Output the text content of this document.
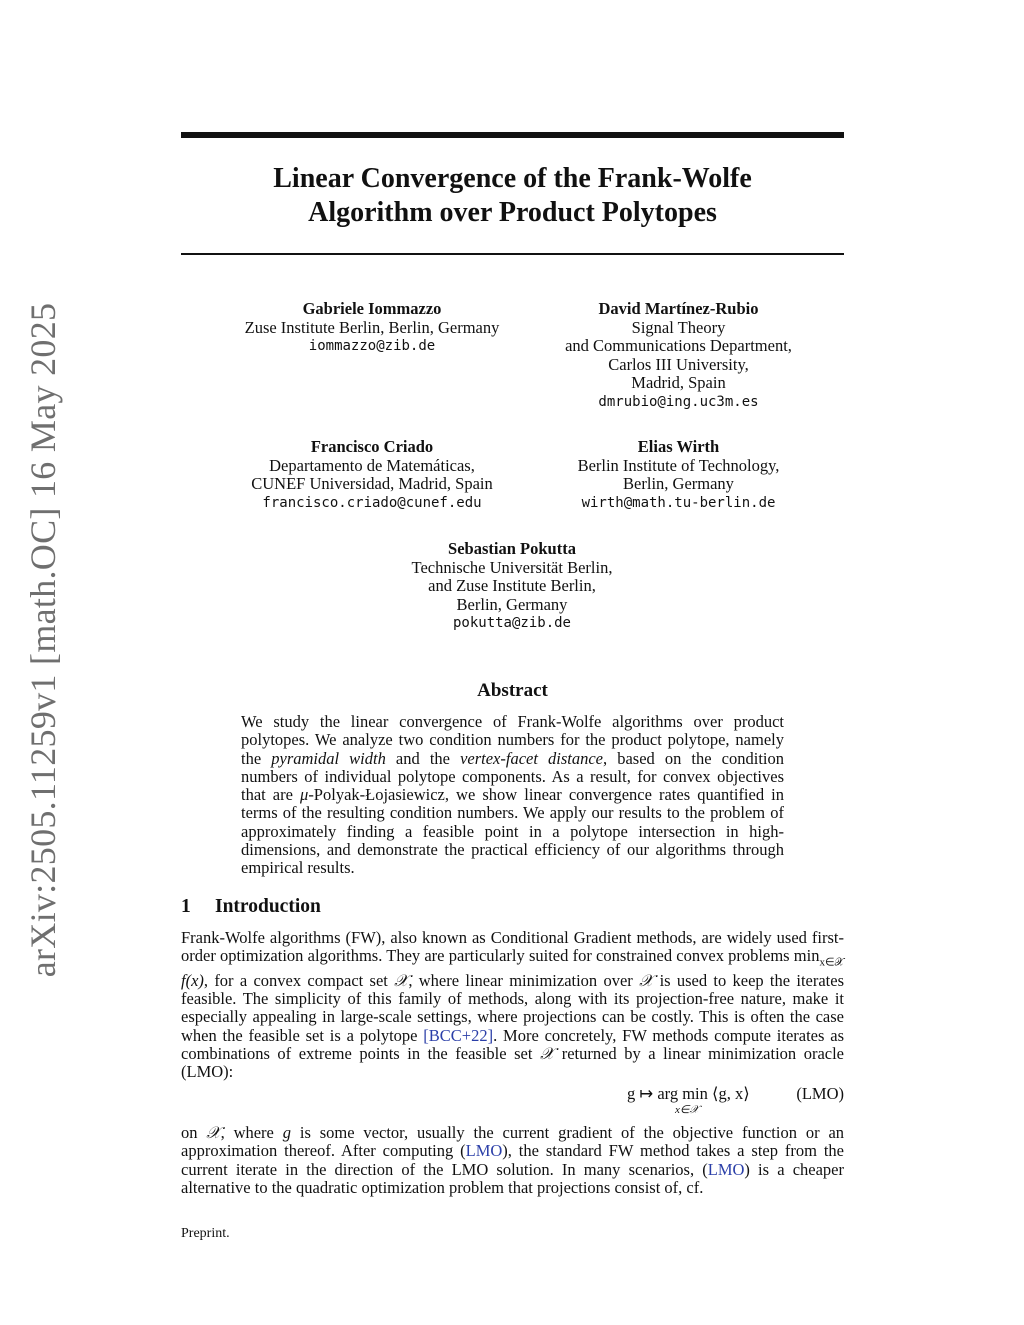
arXiv:2505.11259v1 [math.OC] 16 May 2025
Linear Convergence of the Frank-Wolfe
Algorithm over Product Polytopes
Gabriele Iommazzo
Zuse Institute Berlin, Berlin, Germany
iommazzo@zib.de
David Martínez-Rubio
Signal Theory
and Communications Department,
Carlos III University,
Madrid, Spain
dmrubio@ing.uc3m.es
Francisco Criado
Departamento de Matemáticas,
CUNEF Universidad, Madrid, Spain
francisco.criado@cunef.edu
Elias Wirth
Berlin Institute of Technology,
Berlin, Germany
wirth@math.tu-berlin.de
Sebastian Pokutta
Technische Universität Berlin,
and Zuse Institute Berlin,
Berlin, Germany
pokutta@zib.de
Abstract
We study the linear convergence of Frank-Wolfe algorithms over product polytopes. We analyze two condition numbers for the product polytope, namely the pyramidal width and the vertex-facet distance, based on the condition numbers of individual polytope components. As a result, for convex objectives that are μ-Polyak-Łojasiewicz, we show linear convergence rates quantified in terms of the resulting condition numbers. We apply our results to the problem of approximately finding a feasible point in a polytope intersection in high-dimensions, and demonstrate the practical efficiency of our algorithms through empirical results.
1 Introduction
Frank-Wolfe algorithms (FW), also known as Conditional Gradient methods, are widely used first-order optimization algorithms. They are particularly suited for constrained convex problems $\min_{x\in 𝒳} f(x)$, for a convex compact set 𝒳, where linear minimization over 𝒳 is used to keep the iterates feasible. The simplicity of this family of methods, along with its projection-free nature, make it especially appealing in large-scale settings, where projections can be costly. This is often the case when the feasible set is a polytope [BCC+22]. More concretely, FW methods compute iterates as combinations of extreme points in the feasible set 𝒳 returned by a linear minimization oracle (LMO):
g ↦ arg min ⟨g, x⟩
x∈𝒳
(LMO)
on 𝒳, where g is some vector, usually the current gradient of the objective function or an approximation thereof. After computing (LMO), the standard FW method takes a step from the current iterate in the direction of the LMO solution. In many scenarios, (LMO) is a cheaper alternative to the quadratic optimization problem that projections consist of, cf.
Preprint.
